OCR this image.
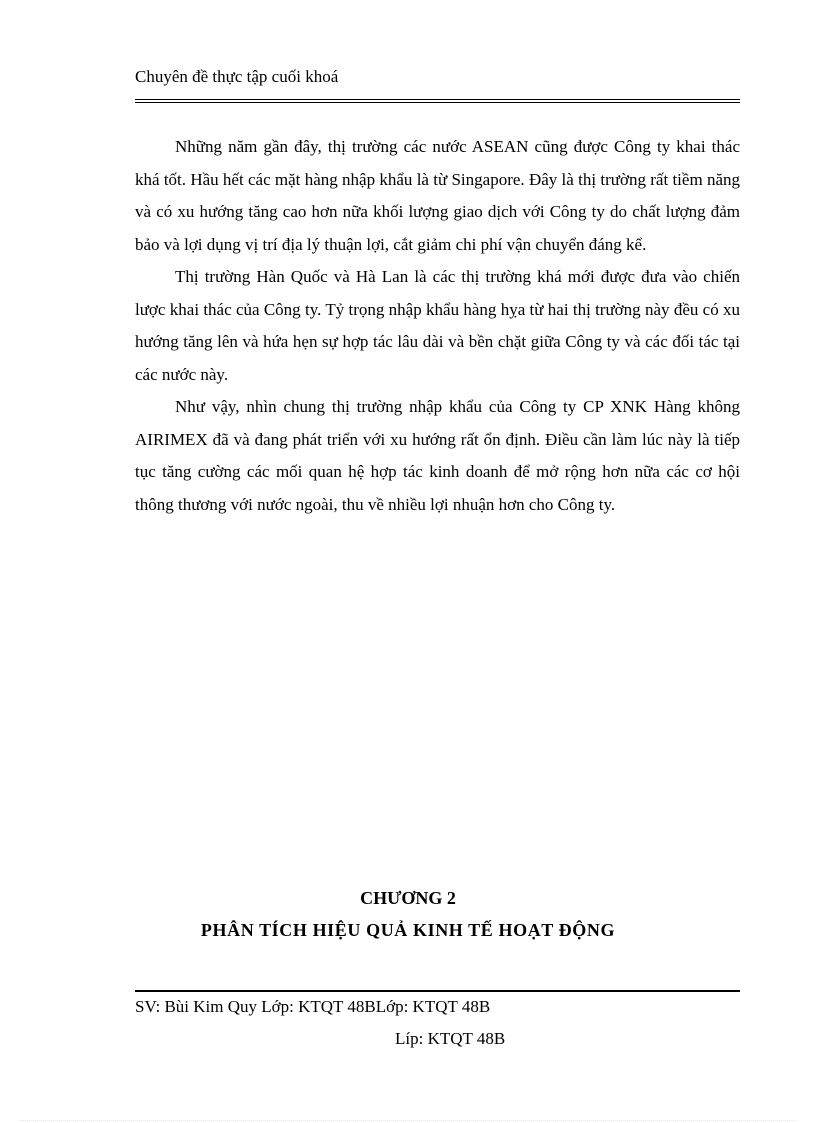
Chuyên đề thực tập cuối khoá

Những năm gần đây, thị trường các nước ASEAN cũng được Công ty khai thác khá tốt. Hầu hết các mặt hàng nhập khẩu là từ Singapore. Đây là thị trường rất tiềm năng và có xu hướng tăng cao hơn nữa khối lượng giao dịch với Công ty do chất lượng đảm bảo và lợi dụng vị trí địa lý thuận lợi, cắt giảm chi phí vận chuyển đáng kể.

Thị trường Hàn Quốc và Hà Lan là các thị trường khá mới được đưa vào chiến lược khai thác của Công ty. Tỷ trọng nhập khẩu hàng hỵa từ hai thị trường này đều có xu hướng tăng lên và hứa hẹn sự hợp tác lâu dài và bền chặt giữa Công ty và các đối tác tại các nước này.

Như vậy, nhìn chung thị trường nhập khẩu của Công ty CP XNK Hàng không AIRIMEX đã và đang phát triển với xu hướng rất ổn định. Điều cần làm lúc này là tiếp tục tăng cường các mối quan hệ hợp tác kinh doanh để mở rộng hơn nữa các cơ hội thông thương với nước ngoài, thu về nhiều lợi nhuận hơn cho Công ty.

CHƯƠNG 2
PHÂN TÍCH HIỆU QUẢ KINH TẾ HOẠT ĐỘNG
SV: Bùi Kim Quy Lớp: KTQT 48BLớp: KTQT 48B
Líp: KTQT 48B
